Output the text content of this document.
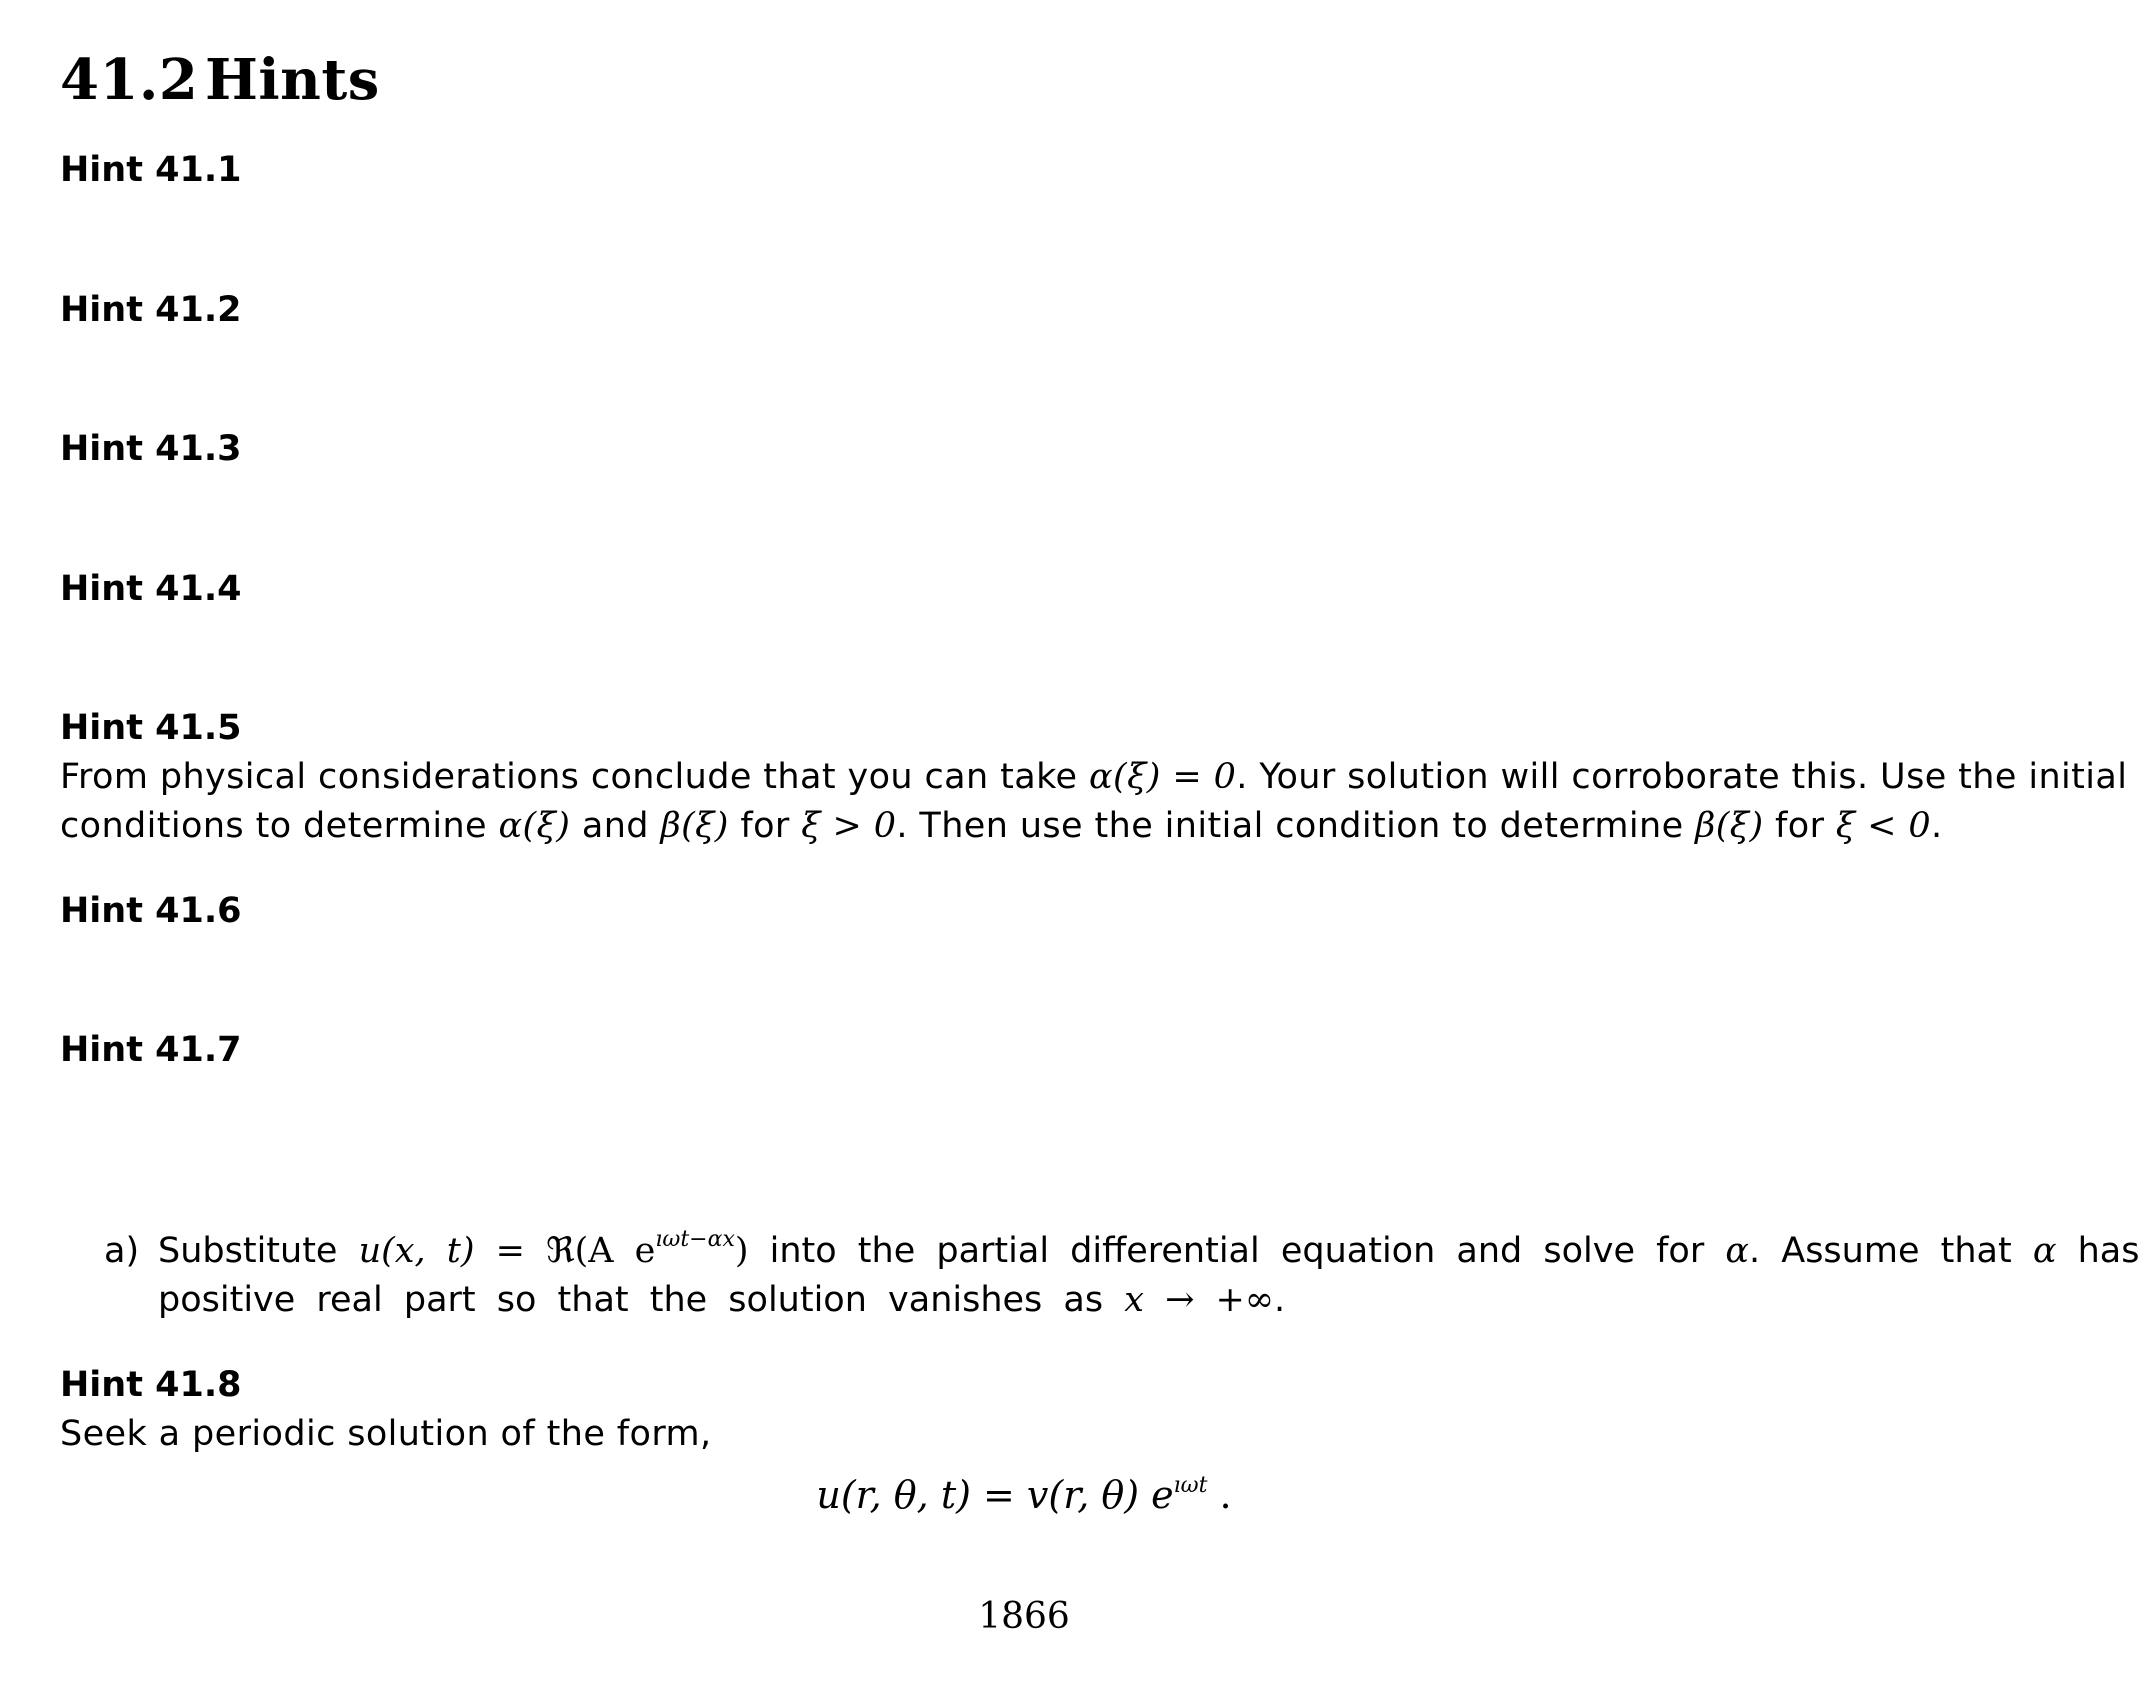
41.2 Hints
Hint 41.1
Hint 41.2
Hint 41.3
Hint 41.4
Hint 41.5
From physical considerations conclude that you can take α(ξ) = 0. Your solution will corroborate this. Use the initial
conditions to determine α(ξ) and β(ξ) for ξ > 0. Then use the initial condition to determine β(ξ) for ξ < 0.
Hint 41.6
Hint 41.7
a) Substitute u(x, t) = ℜ(A $e^{ı\omega t-\alpha x}$) into the partial differential equation and solve for α. Assume that α has
positive real part so that the solution vanishes as x → +∞.
Hint 41.8
Seek a periodic solution of the form,
u(r, θ, t) = v(r, θ) $e^{ı\omega t}$ .
1866
